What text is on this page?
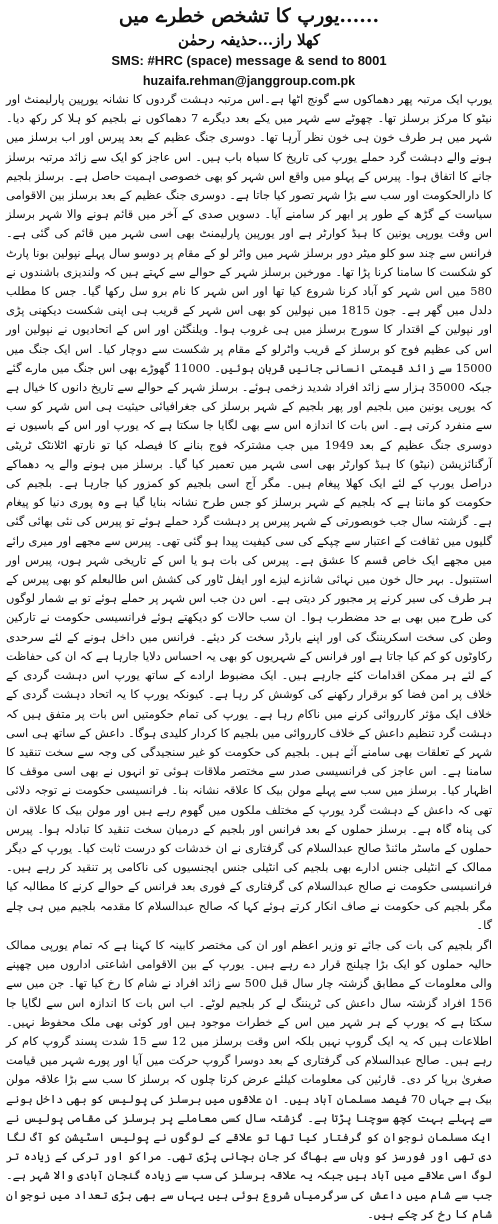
یورپ کا تشخص خطرے میں......

کھلا راز...حذیفہ رحمٰن

SMS: #HRC (space) message & send to 8001

huzaifa.rehman@janggroup.com.pk

یورپ ایک مرتبہ پھر دھماکوں سے گونج اٹھا ہے۔اس مرتبہ دہشت گردوں کا نشانہ یورپین پارلیمنٹ اور نیٹو کا مرکز برسلز تھا۔ چھوٹے سے شہر میں یکے بعد دیگرے 7 دھماکوں نے بلجیم کو ہلا کر رکھ دیا۔ شہر میں ہر طرف خون ہی خون نظر آرہا تھا۔ دوسری جنگ عظیم کے بعد پیرس اور اب برسلز میں ہونے والے دہشت گرد حملے یورپ کی تاریخ کا سیاہ باب ہیں۔ اس عاجز کو ایک سے زائد مرتبہ برسلز جانے کا اتفاق ہوا۔ پیرس کے پہلو میں واقع اس شہر کو بھی خصوصی اہمیت حاصل ہے۔ برسلز بلجیم کا دارالحکومت اور سب سے بڑا شہر تصور کیا جاتا ہے۔ دوسری جنگ عظیم کے بعد برسلز بین الاقوامی سیاست کے گڑھ کے طور پر ابھر کر سامنے آیا۔ دسویں صدی کے آخر میں قائم ہونے والا شہر برسلز اس وقت یورپی یونین کا ہیڈ کوارٹر ہے اور یورپین پارلیمنٹ بھی اسی شہر میں قائم کی گئی ہے۔ فرانس سے چند سو کلو میٹر دور برسلز شہر میں واٹر لو کے مقام پر دوسو سال پہلے نپولین بونا پارٹ کو شکست کا سامنا کرنا پڑا تھا۔ مورخین برسلز شہر کے حوالے سے کہتے ہیں کہ ولندیزی باشندوں نے 580 میں اس شہر کو آباد کرنا شروع کیا تھا اور اس شہر کا نام برو سل رکھا گیا۔ جس کا مطلب دلدل میں گھر ہے۔ جون 1815 میں نپولین کو بھی اس شہر کے قریب ہی اپنی شکست دیکھنی پڑی اور نپولین کے اقتدار کا سورج برسلز میں ہی غروب ہوا۔ ویلنگٹن اور اس کے اتحادیوں نے نپولین اور اس کی عظیم فوج کو برسلز کے قریب واٹرلو کے مقام پر شکست سے دوچار کیا۔ اس ایک جنگ میں 15000 سے زائد قیمتی انسانی جانیں قربان ہوئیں۔ 11000 گھوڑے بھی اس جنگ میں مارے گئے جبکہ 35000 ہزار سے زائد افراد شدید زخمی ہوئے۔ برسلز شہر کے حوالے سے تاریخ دانوں کا خیال ہے کہ یورپی یونین میں بلجیم اور پھر بلجیم کے شہر برسلز کی جغرافیائی حیثیت ہی اس شہر کو سب سے منفرد کرتی ہے۔ اس بات کا اندازہ اس سے بھی لگایا جا سکتا ہے کہ یورپ اور اس کے باسیوں نے دوسری جنگ عظیم کے بعد 1949 میں جب مشترکہ فوج بنانے کا فیصلہ کیا تو نارتھ اٹلانٹک ٹریٹی آرگنائزیشن (نیٹو) کا ہیڈ کوارٹر بھی اسی شہر میں تعمیر کیا گیا۔ برسلز میں ہونے والے یہ دھماکے دراصل یورپ کے لئے ایک کھلا پیغام ہیں۔ مگر آج اسی بلجیم کو کمزور کیا جارہا ہے۔ بلجیم کی حکومت کو ماننا ہے کہ بلجیم کے شہر برسلز کو جس طرح نشانہ بنایا گیا ہے وہ پوری دنیا کو پیغام ہے۔ گزشتہ سال جب خوبصورتی کے شہر پیرس پر دہشت گرد حملے ہوئے تو پیرس کی نئی بھائی گئی گلیوں میں ثقافت کے اعتبار سے چپکے کی سی کیفیت پیدا ہو گئی تھی۔ پیرس سے مجھے اور میری رائے میں مجھے ایک خاص قسم کا عشق ہے۔ پیرس کی بات ہو یا اس کے تاریخی شہر ہوں، پیرس اور استنبول۔ بہر حال خون میں نہائی شانزے لیزے اور ایفل ٹاور کی کشش اس طالبعلم کو بھی پیرس کے ہر طرف کی سیر کرنے پر مجبور کر دیتی ہے۔ اس دن جب اس شہر پر حملے ہوئے تو بے شمار لوگوں کی طرح میں بھی بے حد مضطرب ہوا۔ ان سب حالات کو دیکھتے ہوئے فرانسیسی حکومت نے تارکین وطن کی سخت اسکریننگ کی اور اپنے بارڈر سخت کر دیئے۔ فرانس میں داخل ہونے کے لئے سرحدی رکاوٹوں کو کم کیا جاتا ہے اور فرانس کے شہریوں کو بھی یہ احساس دلایا جارہا ہے کہ ان کی حفاظت کے لئے ہر ممکن اقدامات کئے جارہے ہیں۔ ایک مضبوط ارادے کے ساتھ یورپ اس دہشت گردی کے خلاف پر امن فضا کو برقرار رکھنے کی کوشش کر رہا ہے۔ کیونکہ یورپ کا یہ اتحاد دہشت گردی کے خلاف ایک مؤثر کارروائی کرنے میں ناکام رہا ہے۔ یورپ کی تمام حکومتیں اس بات پر متفق ہیں کہ دہشت گرد تنظیم داعش کے خلاف کارروائی میں بلجیم کا کردار کلیدی ہوگا۔ داعش کے ساتھ ہی اسی شہر کے تعلقات بھی سامنے آئے ہیں۔ بلجیم کی حکومت کو غیر سنجیدگی کی وجہ سے سخت تنقید کا سامنا ہے۔ اس عاجز کی فرانسیسی صدر سے مختصر ملاقات ہوئی تو انہوں نے بھی اسی موقف کا اظہار کیا۔ برسلز میں سب سے پہلے مولن بیک کا علاقہ نشانہ بنا۔ فرانسیسی حکومت نے توجہ دلائی تھی کہ داعش کے دہشت گرد یورپ کے مختلف ملکوں میں گھوم رہے ہیں اور مولن بیک کا علاقہ ان کی پناہ گاہ ہے۔ برسلز حملوں کے بعد فرانس اور بلجیم کے درمیان سخت تنقید کا تبادلہ ہوا۔ پیرس حملوں کے ماسٹر مائنڈ صالح عبدالسلام کی گرفتاری نے ان خدشات کو درست ثابت کیا۔ یورپ کے دیگر ممالک کے انٹیلی جنس ادارے بھی بلجیم کی انٹیلی جنس ایجنسیوں کی ناکامی پر تنقید کر رہے ہیں۔ فرانسیسی حکومت نے صالح عبدالسلام کی گرفتاری کے فوری بعد فرانس کے حوالے کرنے کا مطالبہ کیا مگر بلجیم کی حکومت نے صاف انکار کرتے ہوئے کہا کہ صالح عبدالسلام کا مقدمہ بلجیم میں ہی چلے گا۔

اگر بلجیم کی بات کی جائے تو وزیر اعظم اور ان کی مختصر کابینہ کا کہنا ہے کہ تمام یورپی ممالک حالیہ حملوں کو ایک بڑا چیلنج قرار دے رہے ہیں۔ یورپ کے بین الاقوامی اشاعتی اداروں میں چھپنے والی معلومات کے مطابق گزشتہ چار سال قبل 500 سے زائد افراد نے شام کا رخ کیا تھا۔ جن میں سے 156 افراد گزشتہ سال داعش کی ٹریننگ لے کر بلجیم لوٹے۔ اب اس بات کا اندازہ اس سے لگایا جا سکتا ہے کہ یورپ کے ہر شہر میں اس کے خطرات موجود ہیں اور کوئی بھی ملک محفوظ نہیں۔ اطلاعات ہیں کہ یہ ایک گروپ نہیں بلکہ اس وقت برسلز میں 12 سے 15 شدت پسند گروپ کام کر رہے ہیں۔ صالح عبدالسلام کی گرفتاری کے بعد دوسرا گروپ حرکت میں آیا اور پورے شہر میں قیامت صغریٰ برپا کر دی۔ قارئین کی معلومات کیلئے عرض کرتا چلوں کہ برسلز کا سب سے بڑا علاقہ مولن بیک ہے جہاں 70 فیصد مسلمان آباد ہیں۔ ان علاقوں میں برسلز کی پولیس کو بھی داخل ہونے سے پہلے بہت کچھ سوچنا پڑتا ہے۔ گزشتہ سال کسی معاملے پر برسلز کی مقامی پولیس نے ایک مسلمان نوجوان کو گرفتار کیا تھا تو علاقے کے لوگوں نے پولیس اسٹیشن کو آگ لگا دی تھی اور فورسز کو وہاں سے بھاگ کر جان بچانی پڑی تھی۔ مراکو اور ترکی کے زیادہ تر لوگ اسی علاقے میں آباد ہیں جبکہ یہ علاقہ برسلز کی سب سے زیادہ گنجان آبادی والا شہر ہے۔ جب سے شام میں داعش کی سرگرمیاں شروع ہوئی ہیں یہاں سے بھی بڑی تعداد میں نوجوان شام کا رخ کر چکے ہیں۔
